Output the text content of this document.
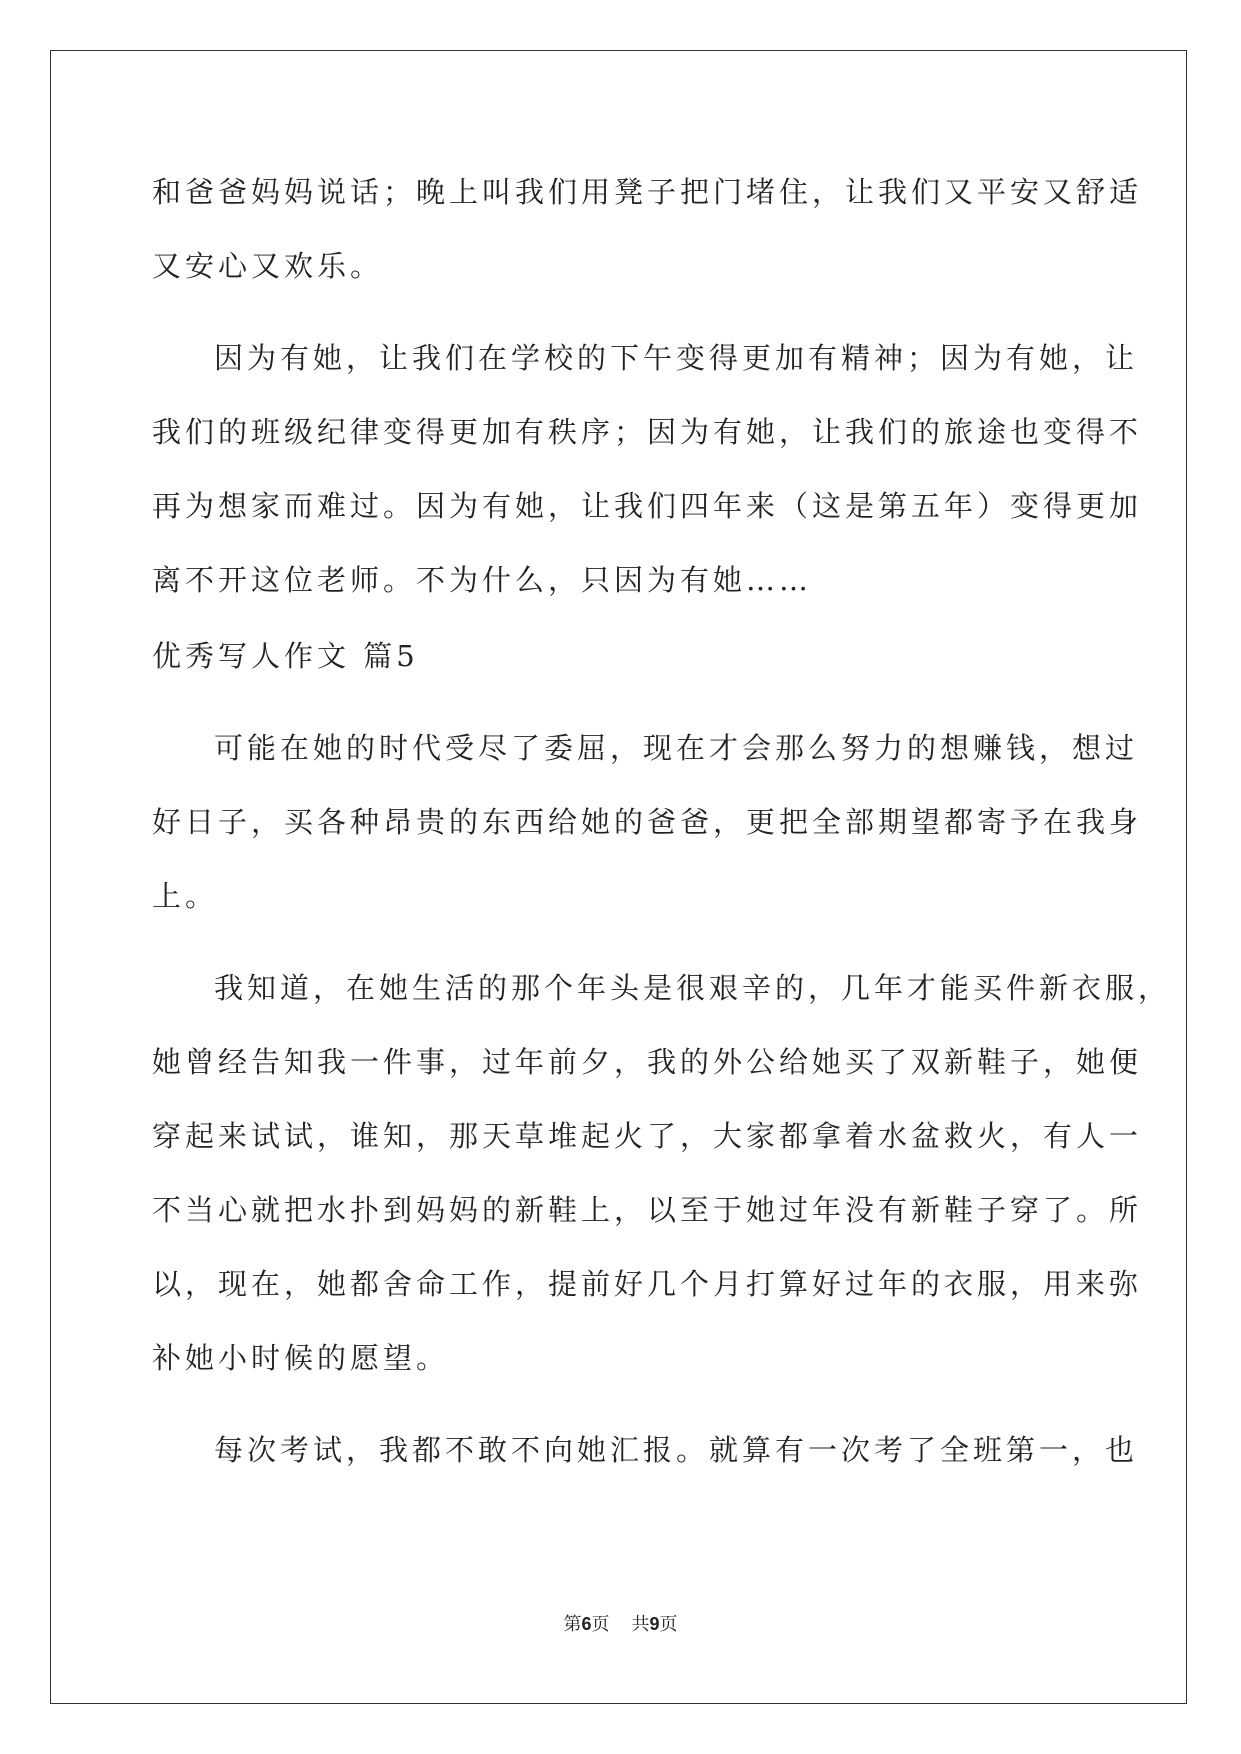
和爸爸妈妈说话；晚上叫我们用凳子把门堵住，让我们又平安又舒适

又安心又欢乐。

因为有她，让我们在学校的下午变得更加有精神；因为有她，让

我们的班级纪律变得更加有秩序；因为有她，让我们的旅途也变得不

再为想家而难过。因为有她，让我们四年来（这是第五年）变得更加

离不开这位老师。不为什么，只因为有她……

优秀写人作文 篇5

可能在她的时代受尽了委屈，现在才会那么努力的想赚钱，想过

好日子，买各种昂贵的东西给她的爸爸，更把全部期望都寄予在我身

上。

我知道，在她生活的那个年头是很艰辛的，几年才能买件新衣服，

她曾经告知我一件事，过年前夕，我的外公给她买了双新鞋子，她便

穿起来试试，谁知，那天草堆起火了，大家都拿着水盆救火，有人一

不当心就把水扑到妈妈的新鞋上，以至于她过年没有新鞋子穿了。所

以，现在，她都舍命工作，提前好几个月打算好过年的衣服，用来弥

补她小时候的愿望。

每次考试，我都不敢不向她汇报。就算有一次考了全班第一，也

第6页 共9页
